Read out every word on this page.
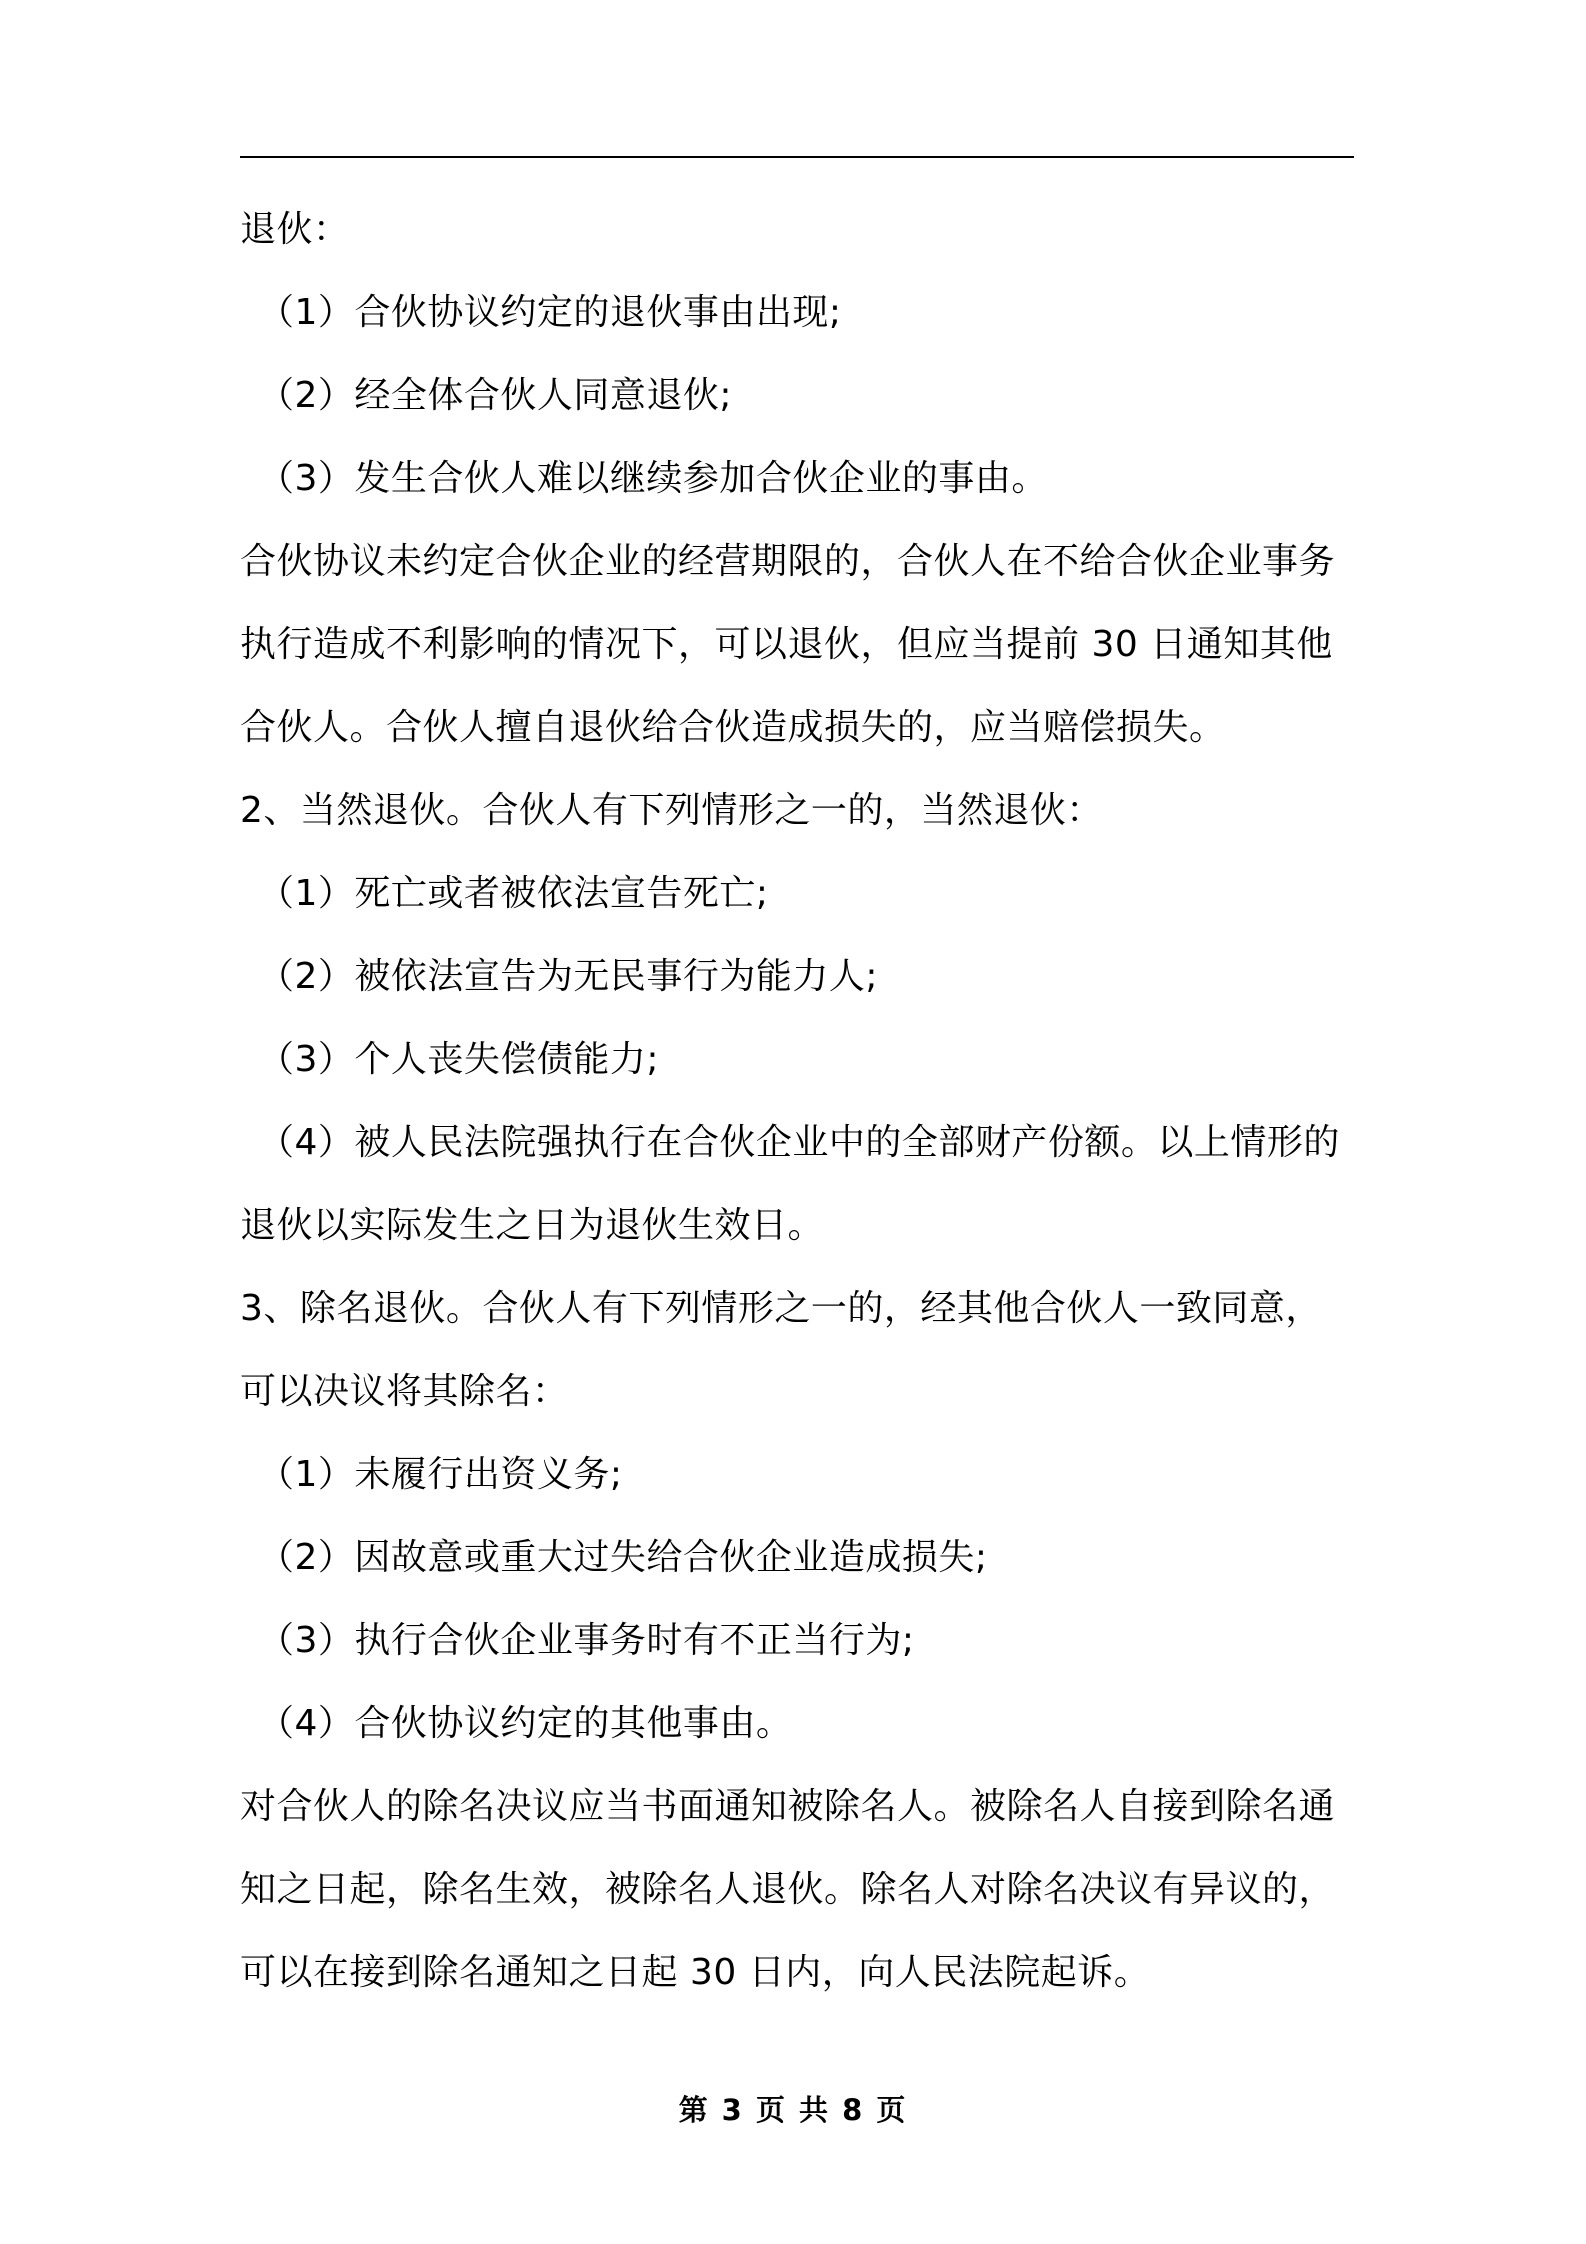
退伙：
（1）合伙协议约定的退伙事由出现;
（2）经全体合伙人同意退伙;
（3）发生合伙人难以继续参加合伙企业的事由。
合伙协议未约定合伙企业的经营期限的，合伙人在不给合伙企业事务
执行造成不利影响的情况下，可以退伙，但应当提前 30 日通知其他
合伙人。合伙人擅自退伙给合伙造成损失的，应当赔偿损失。
2、当然退伙。合伙人有下列情形之一的，当然退伙：
（1）死亡或者被依法宣告死亡;
（2）被依法宣告为无民事行为能力人;
（3）个人丧失偿债能力;
（4）被人民法院强执行在合伙企业中的全部财产份额。以上情形的
退伙以实际发生之日为退伙生效日。
3、除名退伙。合伙人有下列情形之一的，经其他合伙人一致同意，
可以决议将其除名：
（1）未履行出资义务;
（2）因故意或重大过失给合伙企业造成损失;
（3）执行合伙企业事务时有不正当行为;
（4）合伙协议约定的其他事由。
对合伙人的除名决议应当书面通知被除名人。被除名人自接到除名通
知之日起，除名生效，被除名人退伙。除名人对除名决议有异议的，
可以在接到除名通知之日起 30 日内，向人民法院起诉。
第 3 页 共 8 页
